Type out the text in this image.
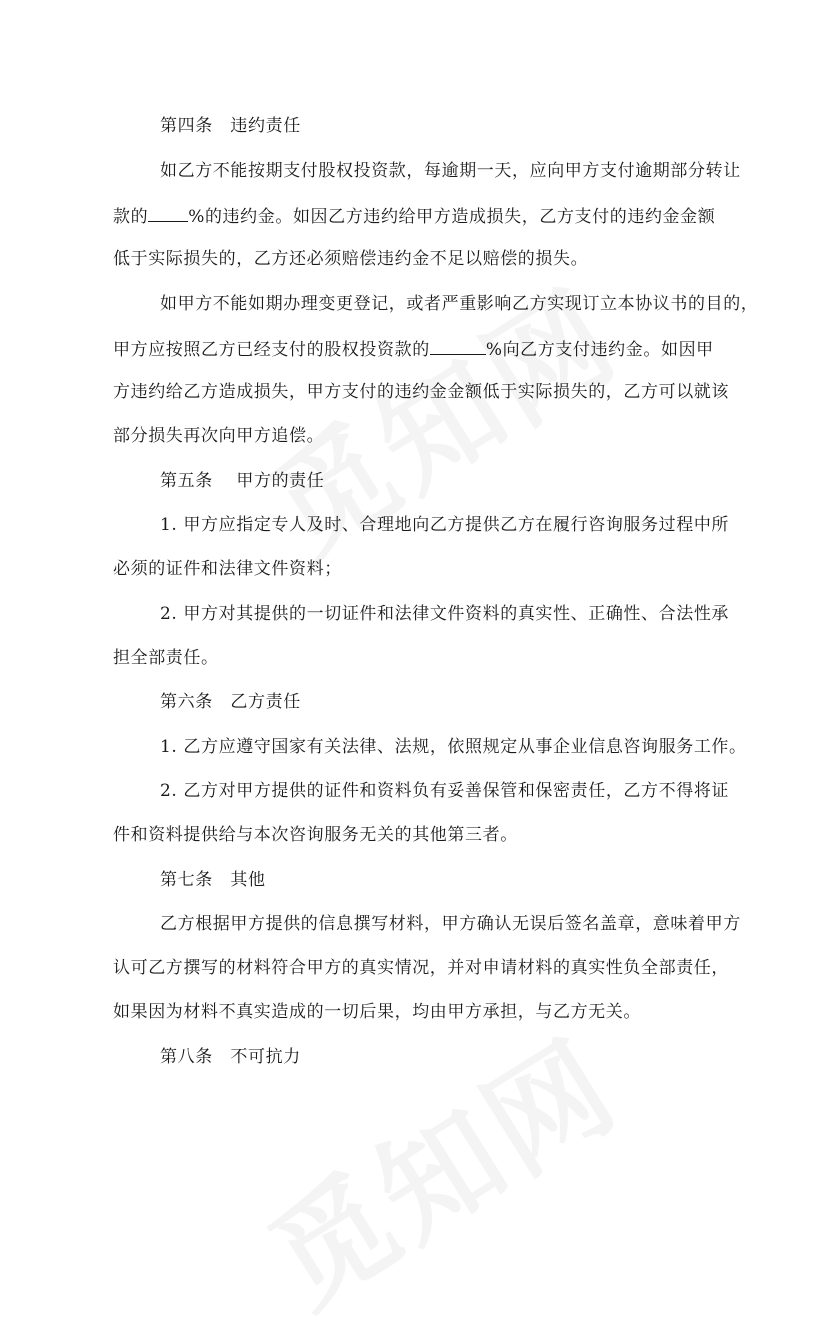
第四条　违约责任
如乙方不能按期支付股权投资款，每逾期一天，应向甲方支付逾期部分转让
款的 %的违约金。如因乙方违约给甲方造成损失，乙方支付的违约金金额
低于实际损失的，乙方还必须赔偿违约金不足以赔偿的损失。
如甲方不能如期办理变更登记，或者严重影响乙方实现订立本协议书的目的，
甲方应按照乙方已经支付的股权投资款的	%向乙方支付违约金。如因甲
方违约给乙方造成损失，甲方支付的违约金金额低于实际损失的，乙方可以就该
部分损失再次向甲方追偿。
第五条　 甲方的责任
1. 甲方应指定专人及时、合理地向乙方提供乙方在履行咨询服务过程中所
必须的证件和法律文件资料；
2. 甲方对其提供的一切证件和法律文件资料的真实性、正确性、合法性承
担全部责任。
第六条　乙方责任
1. 乙方应遵守国家有关法律、法规，依照规定从事企业信息咨询服务工作。
2. 乙方对甲方提供的证件和资料负有妥善保管和保密责任，乙方不得将证
件和资料提供给与本次咨询服务无关的其他第三者。
第七条　其他
乙方根据甲方提供的信息撰写材料，甲方确认无误后签名盖章，意味着甲方
认可乙方撰写的材料符合甲方的真实情况，并对申请材料的真实性负全部责任，
如果因为材料不真实造成的一切后果，均由甲方承担，与乙方无关。
第八条　不可抗力
